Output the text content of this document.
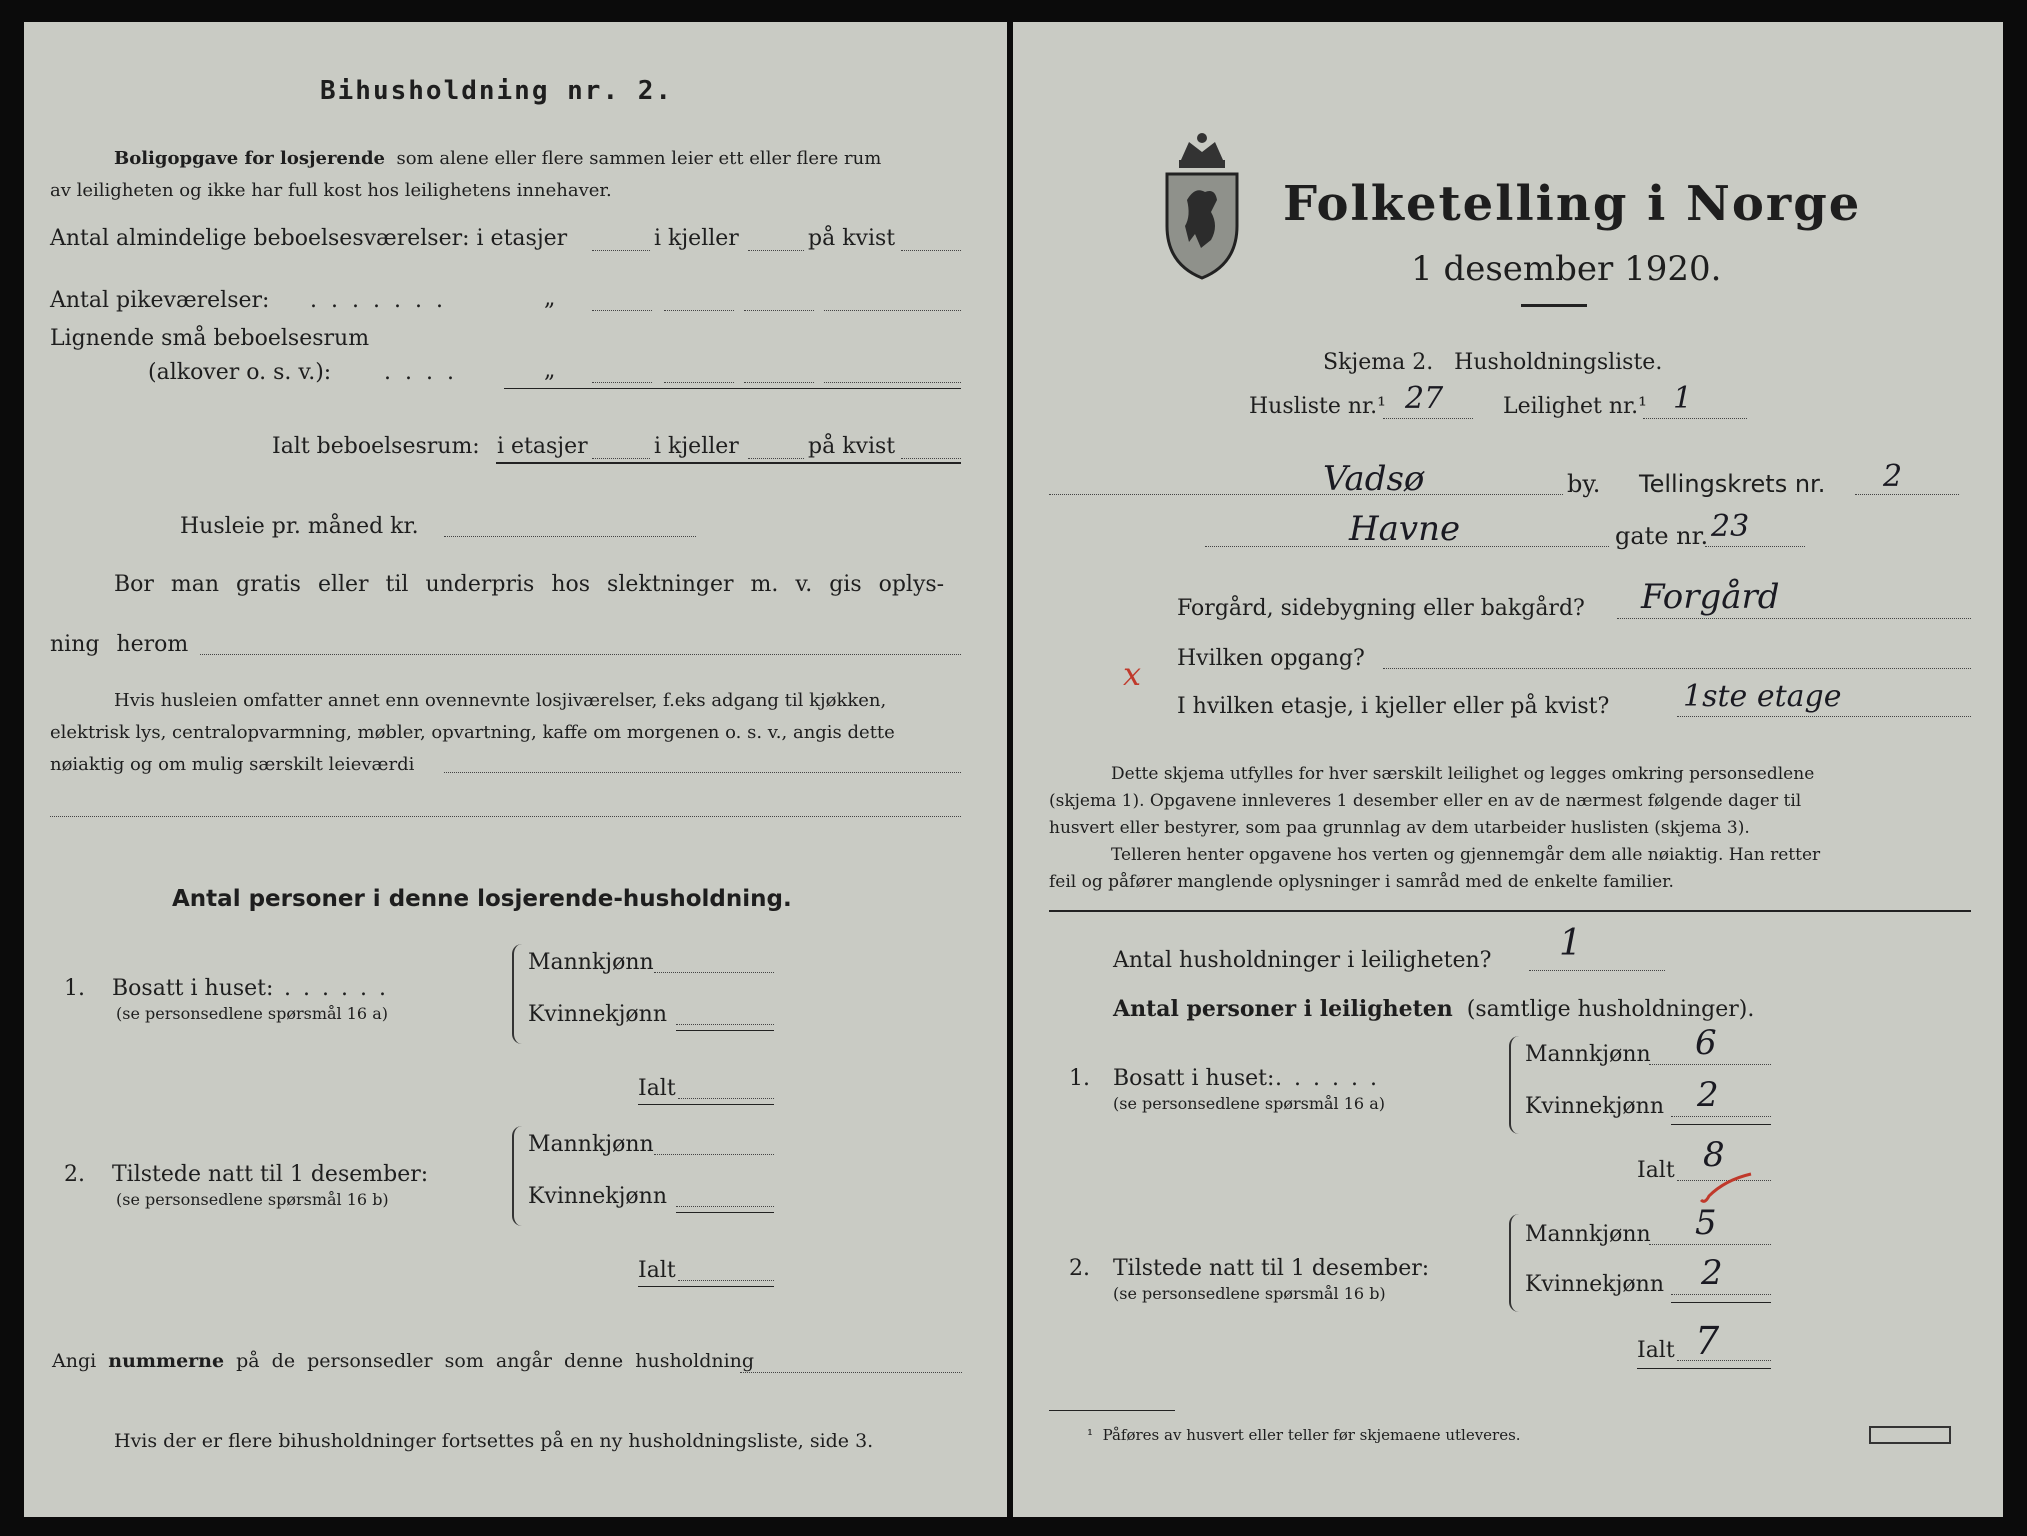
Bihusholdning nr. 2.
Boligopgave for losjerende som alene eller flere sammen leier ett eller flere rum
av leiligheten og ikke har full kost hos leilighetens innehaver.
Antal almindelige beboelsesværelser: i etasjer	i kjeller	på kvist
Antal pikeværelser: .......	„
Lignende små beboelsesrum
(alkover o. s. v.): ....	„
Ialt beboelsesrum: i etasjer	i kjeller	på kvist
Husleie pr. måned kr.
Bor man gratis eller til underpris hos slektninger m. v. gis oplys-
ning herom
Hvis husleien omfatter annet enn ovennevnte losjiværelser, f.eks adgang til kjøkken,
elektrisk lys, centralopvarmning, møbler, opvartning, kaffe om morgenen o. s. v., angis dette
nøiaktig og om mulig særskilt leieværdi
Antal personer i denne losjerende-husholdning.
1. Bosatt i huset: ......
(se personsedlene spørsmål 16 a)
Mannkjønn
Kvinnekjønn
Ialt
2. Tilstede natt til 1 desember:
(se personsedlene spørsmål 16 b)
Mannkjønn
Kvinnekjønn
Ialt
Angi nummerne på de personsedler som angår denne husholdning
Hvis der er flere bihusholdninger fortsettes på en ny husholdningsliste, side 3.
Folketelling i Norge
1 desember 1920.
Skjema 2.   Husholdningsliste.
Husliste nr.¹ 27	Leilighet nr.¹ 1
Vadsø	by. Tellingskrets nr. 2
Havne	gate nr. 23
Forgård, sidebygning eller bakgård? Forgård
x Hvilken opgang?
I hvilken etasje, i kjeller eller på kvist? 1ste etage
Dette skjema utfylles for hver særskilt leilighet og legges omkring personsedlene
(skjema 1). Opgavene innleveres 1 desember eller en av de nærmest følgende dager til
husvert eller bestyrer, som paa grunnlag av dem utarbeider huslisten (skjema 3).
Telleren henter opgavene hos verten og gjennemgår dem alle nøiaktig. Han retter
feil og påfører manglende oplysninger i samråd med de enkelte familier.
Antal husholdninger i leiligheten? 1
Antal personer i leiligheten (samtlige husholdninger).
1. Bosatt i huset: ......
(se personsedlene spørsmål 16 a)
Mannkjønn 6
Kvinnekjønn 2
Ialt 8
2. Tilstede natt til 1 desember:
(se personsedlene spørsmål 16 b)
Mannkjønn 5
Kvinnekjønn 2
Ialt 7
¹ Påføres av husvert eller teller før skjemaene utleveres.
